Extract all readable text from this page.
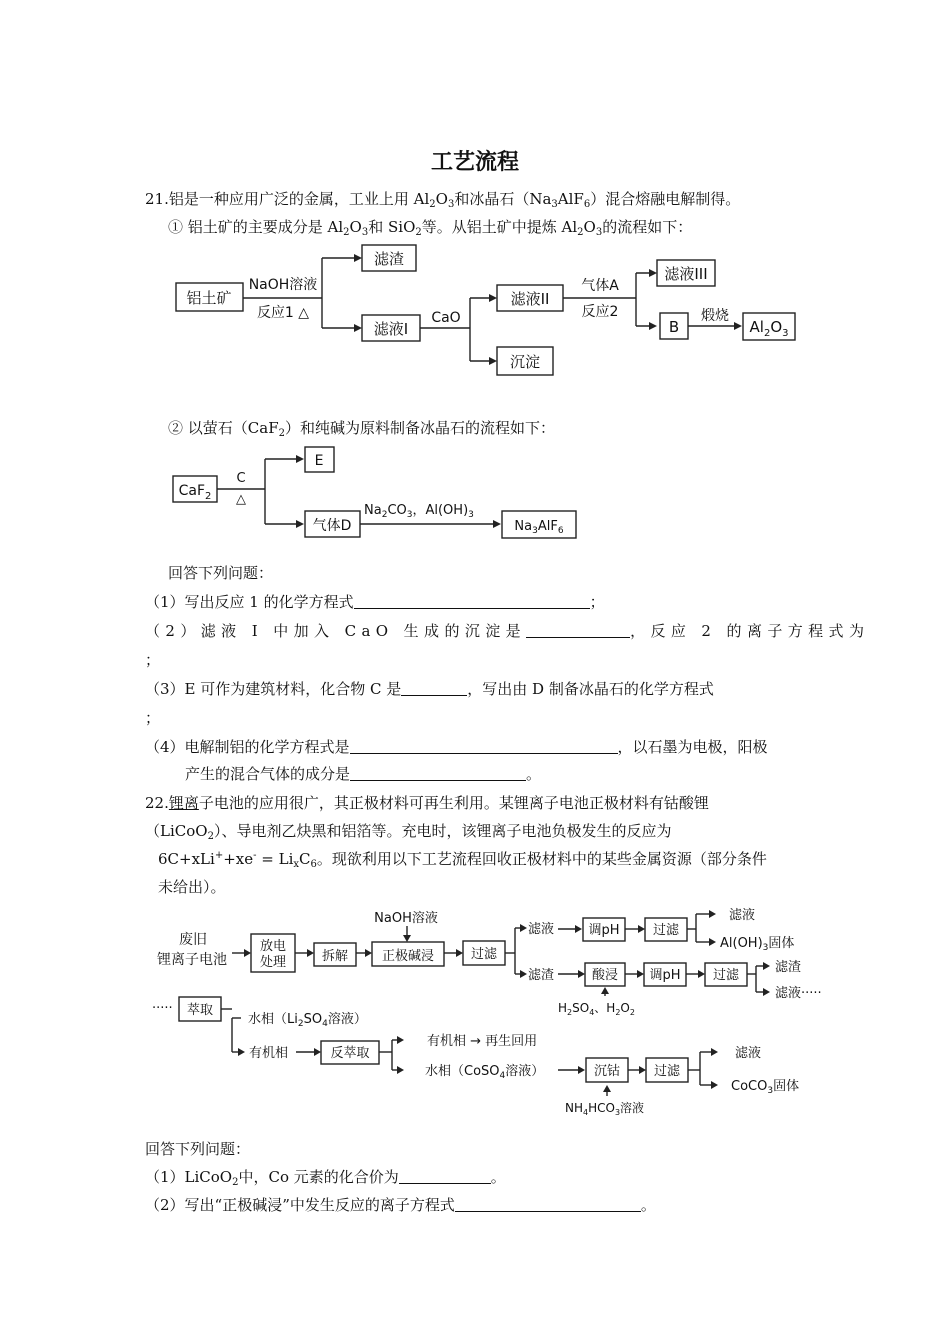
工艺流程
21.铝是一种应用广泛的金属，工业上用 $Al_2O_3$和冰晶石$(Na_3AlF_6)$混合熔融电解制得。
① 铝土矿的主要成分是 $Al_2O_3$和 SiO$_2$等。从铝土矿中提炼 $Al_2O_3$的流程如下：
铝土矿
NaOH溶液
反应1 △
滤渣
滤液I
CaO
滤液II
沉淀
气体A
反应2
滤液III
B
煅烧
$Al_2O_3$
② 以萤石（CaF$_2$）和纯碱为原料制备冰晶石的流程如下：
CaF$_2$
C
△
E
气体D
$Na_2CO_3$，$Al(OH)_3$
$Na_3AlF_6$
回答下列问题：
（1）写出反应 1 的化学方程式	；
（2）滤液 Ⅰ 中加入 CaO 生成的沉淀是	，反应 2 的离子方程式为
；
（3）E 可作为建筑材料，化合物 C 是	，写出由 D 制备冰晶石的化学方程式
；
（4）电解制铝的化学方程式是	，以石墨为电极，阳极
产生的混合气体的成分是	。
22.锂离子电池的应用很广，其正极材料可再生利用。某锂离子电池正极材料有钴酸锂
（LiCoO$_2$）、导电剂乙炔黑和铝箔等。充电时，该锂离子电池负极发生的反应为
$6C+xLi^++xe^- = Li_xC_6$。现欲利用以下工艺流程回收正极材料中的某些金属资源（部分条件
未给出）。
废旧
锂离子电池
放电
处理	拆解
NaOH溶液
正极碱浸	过滤
滤液	调pH	过滤
滤液
$Al(OH)_3$固体
滤渣	酸浸
$H_2SO_4$、$H_2O_2$
调pH 过滤
滤渣
滤液·····
····· 萃取
水相（$Li_2SO_4$溶液）
有机相	反萃取
有机相 → 再生回用
水相（CoSO$_4$溶液）	沉钴
$NH_4HCO_3$溶液
过滤
滤液
CoCO$_3$固体
回答下列问题：
（1）LiCoO$_2$中，Co 元素的化合价为	。
（2）写出“正极碱浸”中发生反应的离子方程式	。
